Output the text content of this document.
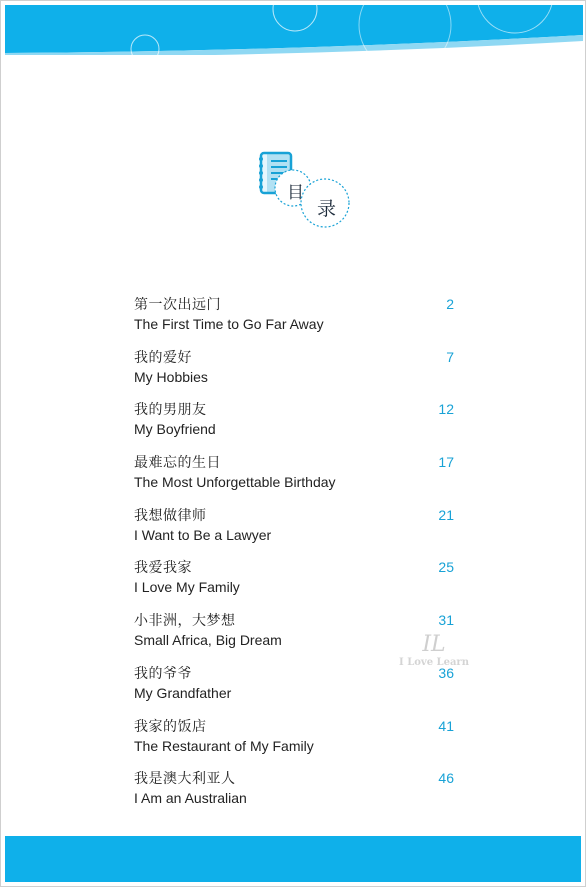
目
录
第一次出远门
The First Time to Go Far Away
2
我的爱好
My Hobbies
7
我的男朋友
My Boyfriend
12
最难忘的生日
The Most Unforgettable Birthday
17
我想做律师
I Want to Be a Lawyer
21
我爱我家
I Love My Family
25
小非洲，大梦想
Small Africa, Big Dream
31
我的爷爷
My Grandfather
36
我家的饭店
The Restaurant of My Family
41
我是澳大利亚人
I Am an Australian
46
IL
I Love Learn
